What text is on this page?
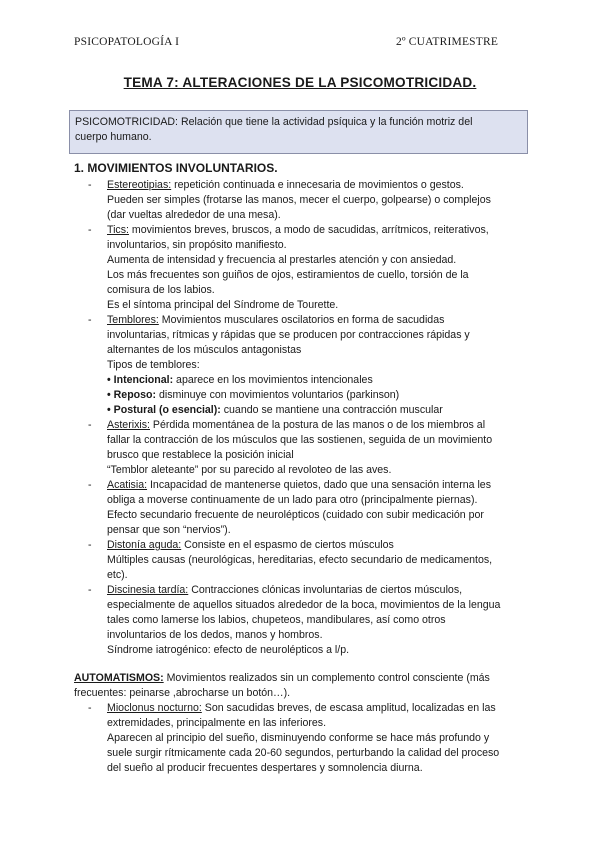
PSICOPATOLOGÍA I	2º CUATRIMESTRE
TEMA 7: ALTERACIONES DE LA PSICOMOTRICIDAD.
PSICOMOTRICIDAD: Relación que tiene la actividad psíquica y la función motriz del
cuerpo humano.
1. MOVIMIENTOS INVOLUNTARIOS.
- Estereotipias: repetición continuada e innecesaria de movimientos o gestos.
Pueden ser simples (frotarse las manos, mecer el cuerpo, golpearse) o complejos
(dar vueltas alrededor de una mesa).
- Tics: movimientos breves, bruscos, a modo de sacudidas, arrítmicos, reiterativos,
involuntarios, sin propósito manifiesto.
Aumenta de intensidad y frecuencia al prestarles atención y con ansiedad.
Los más frecuentes son guiños de ojos, estiramientos de cuello, torsión de la
comisura de los labios.
Es el síntoma principal del Síndrome de Tourette.
- Temblores: Movimientos musculares oscilatorios en forma de sacudidas
involuntarias, rítmicas y rápidas que se producen por contracciones rápidas y
alternantes de los músculos antagonistas
Tipos de temblores:
• Intencional: aparece en los movimientos intencionales
• Reposo: disminuye con movimientos voluntarios (parkinson)
• Postural (o esencial): cuando se mantiene una contracción muscular
- Asterixis: Pérdida momentánea de la postura de las manos o de los miembros al
fallar la contracción de los músculos que las sostienen, seguida de un movimiento
brusco que restablece la posición inicial
“Temblor aleteante” por su parecido al revoloteo de las aves.
- Acatisia: Incapacidad de mantenerse quietos, dado que una sensación interna les
obliga a moverse continuamente de un lado para otro (principalmente piernas).
Efecto secundario frecuente de neurolépticos (cuidado con subir medicación por
pensar que son “nervios”).
- Distonía aguda: Consiste en el espasmo de ciertos músculos
Múltiples causas (neurológicas, hereditarias, efecto secundario de medicamentos,
etc).
- Discinesia tardía: Contracciones clónicas involuntarias de ciertos músculos,
especialmente de aquellos situados alrededor de la boca, movimientos de la lengua
tales como lamerse los labios, chupeteos, mandibulares, así como otros
involuntarios de los dedos, manos y hombros.
Síndrome iatrogénico: efecto de neurolépticos a l/p.
AUTOMATISMOS: Movimientos realizados sin un complemento control consciente (más
frecuentes: peinarse ,abrocharse un botón…).
- Mioclonus nocturno: Son sacudidas breves, de escasa amplitud, localizadas en las
extremidades, principalmente en las inferiores.
Aparecen al principio del sueño, disminuyendo conforme se hace más profundo y
suele surgir rítmicamente cada 20-60 segundos, perturbando la calidad del proceso
del sueño al producir frecuentes despertares y somnolencia diurna.
